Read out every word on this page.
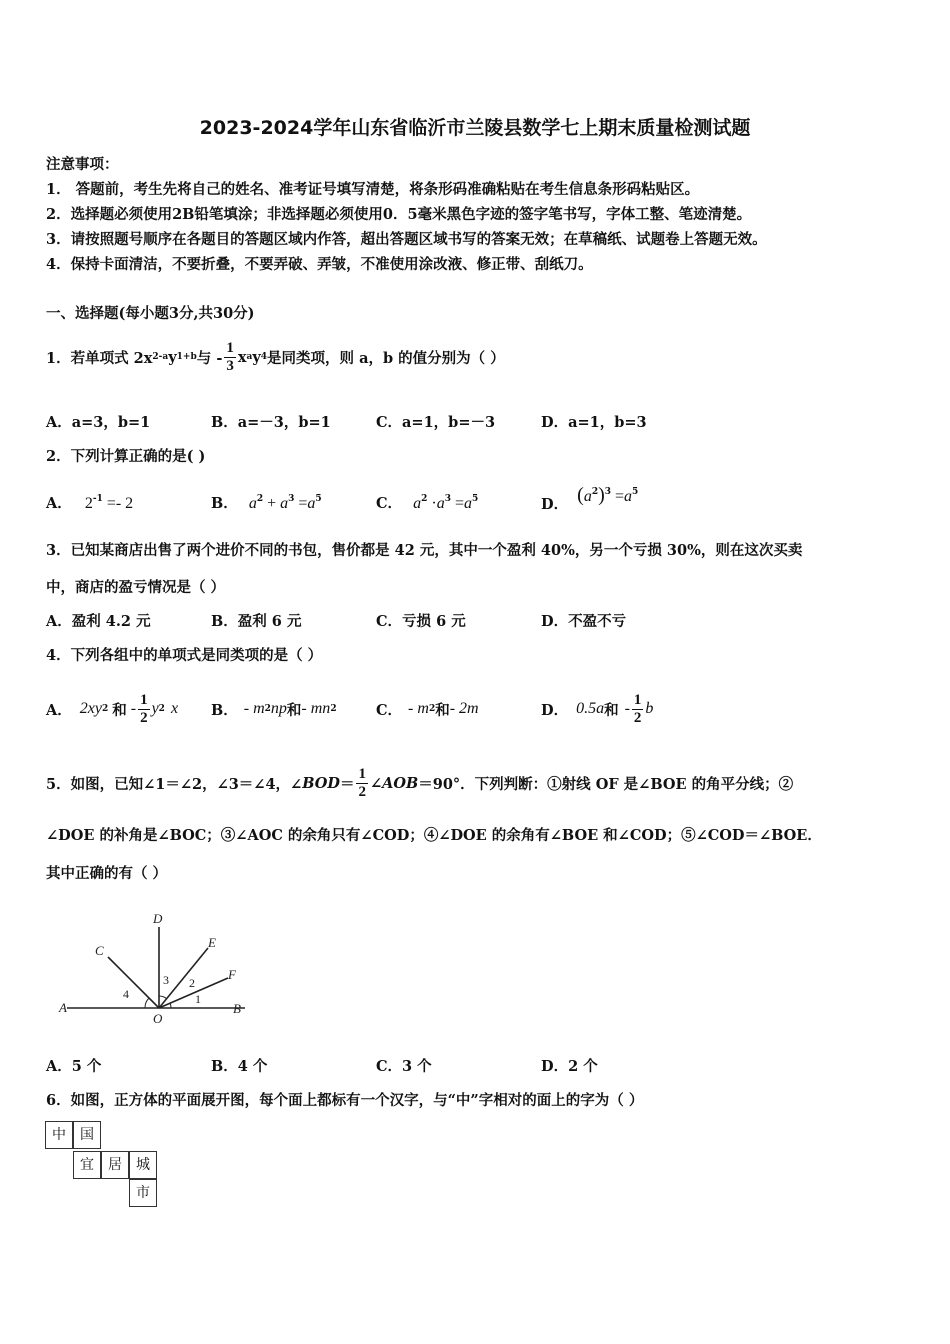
2023-2024学年山东省临沂市兰陵县数学七上期末质量检测试题
注意事项：
1． 答题前，考生先将自己的姓名、准考证号填写清楚，将条形码准确粘贴在考生信息条形码粘贴区。
2．选择题必须使用2B铅笔填涂；非选择题必须使用0．5毫米黑色字迹的签字笔书写，字体工整、笔迹清楚。
3．请按照题号顺序在各题目的答题区域内作答，超出答题区域书写的答案无效；在草稿纸、试题卷上答题无效。
4．保持卡面清洁，不要折叠，不要弄破、弄皱，不准使用涂改液、修正带、刮纸刀。
一、选择题(每小题3分,共30分)
1．若单项式 2x 2-a y 1+b 与 - $\frac{1}{3}$ x a y 4 是同类项，则 a，b 的值分别为（ ）
A．a=3，b=1	B．a=－3，b=1	C．a=1，b=－3	D．a=1，b=3
2．下列计算正确的是( )
A． $2^{-1} =- 2$	B． $a^2 + a^3 =a^5$	C． $a^2 \cdot a^3 =a^5$	D． $(a^2)^3 =a^5$
3．已知某商店出售了两个进价不同的书包，售价都是 42 元，其中一个盈利 40%，另一个亏损 30%，则在这次买卖
中，商店的盈亏情况是（ ）
A．盈利 4.2 元	B．盈利 6 元	C．亏损 6 元	D．不盈不亏
4．下列各组中的单项式是同类项的是（ ）
A． 2xy 2 和 - $\frac{1}{2}$ y 2 x B． - m 2 np 和 - mn 2	C． - m 2 和 - 2m	D． 0.5a 和 - $\frac{1}{2}$ b
5．如图，已知∠1＝∠2，∠3＝∠4，∠ BOD ＝ $\frac{1}{2}$ ∠ AOB ＝90°．下列判断：①射线 OF 是∠BOE 的角平分线；②
∠DOE 的补角是∠BOC；③∠AOC 的余角只有∠COD；④∠DOE 的余角有∠BOE 和∠COD；⑤∠COD＝∠BOE．
其中正确的有（ ）
D
C
E
F
A
O
B
1
2
3
4
A．5 个	B．4 个	C．3 个	D．2 个
6．如图，正方体的平面展开图，每个面上都标有一个汉字，与“中”字相对的面上的字为（ ）
中	国
宜	居	城
市
